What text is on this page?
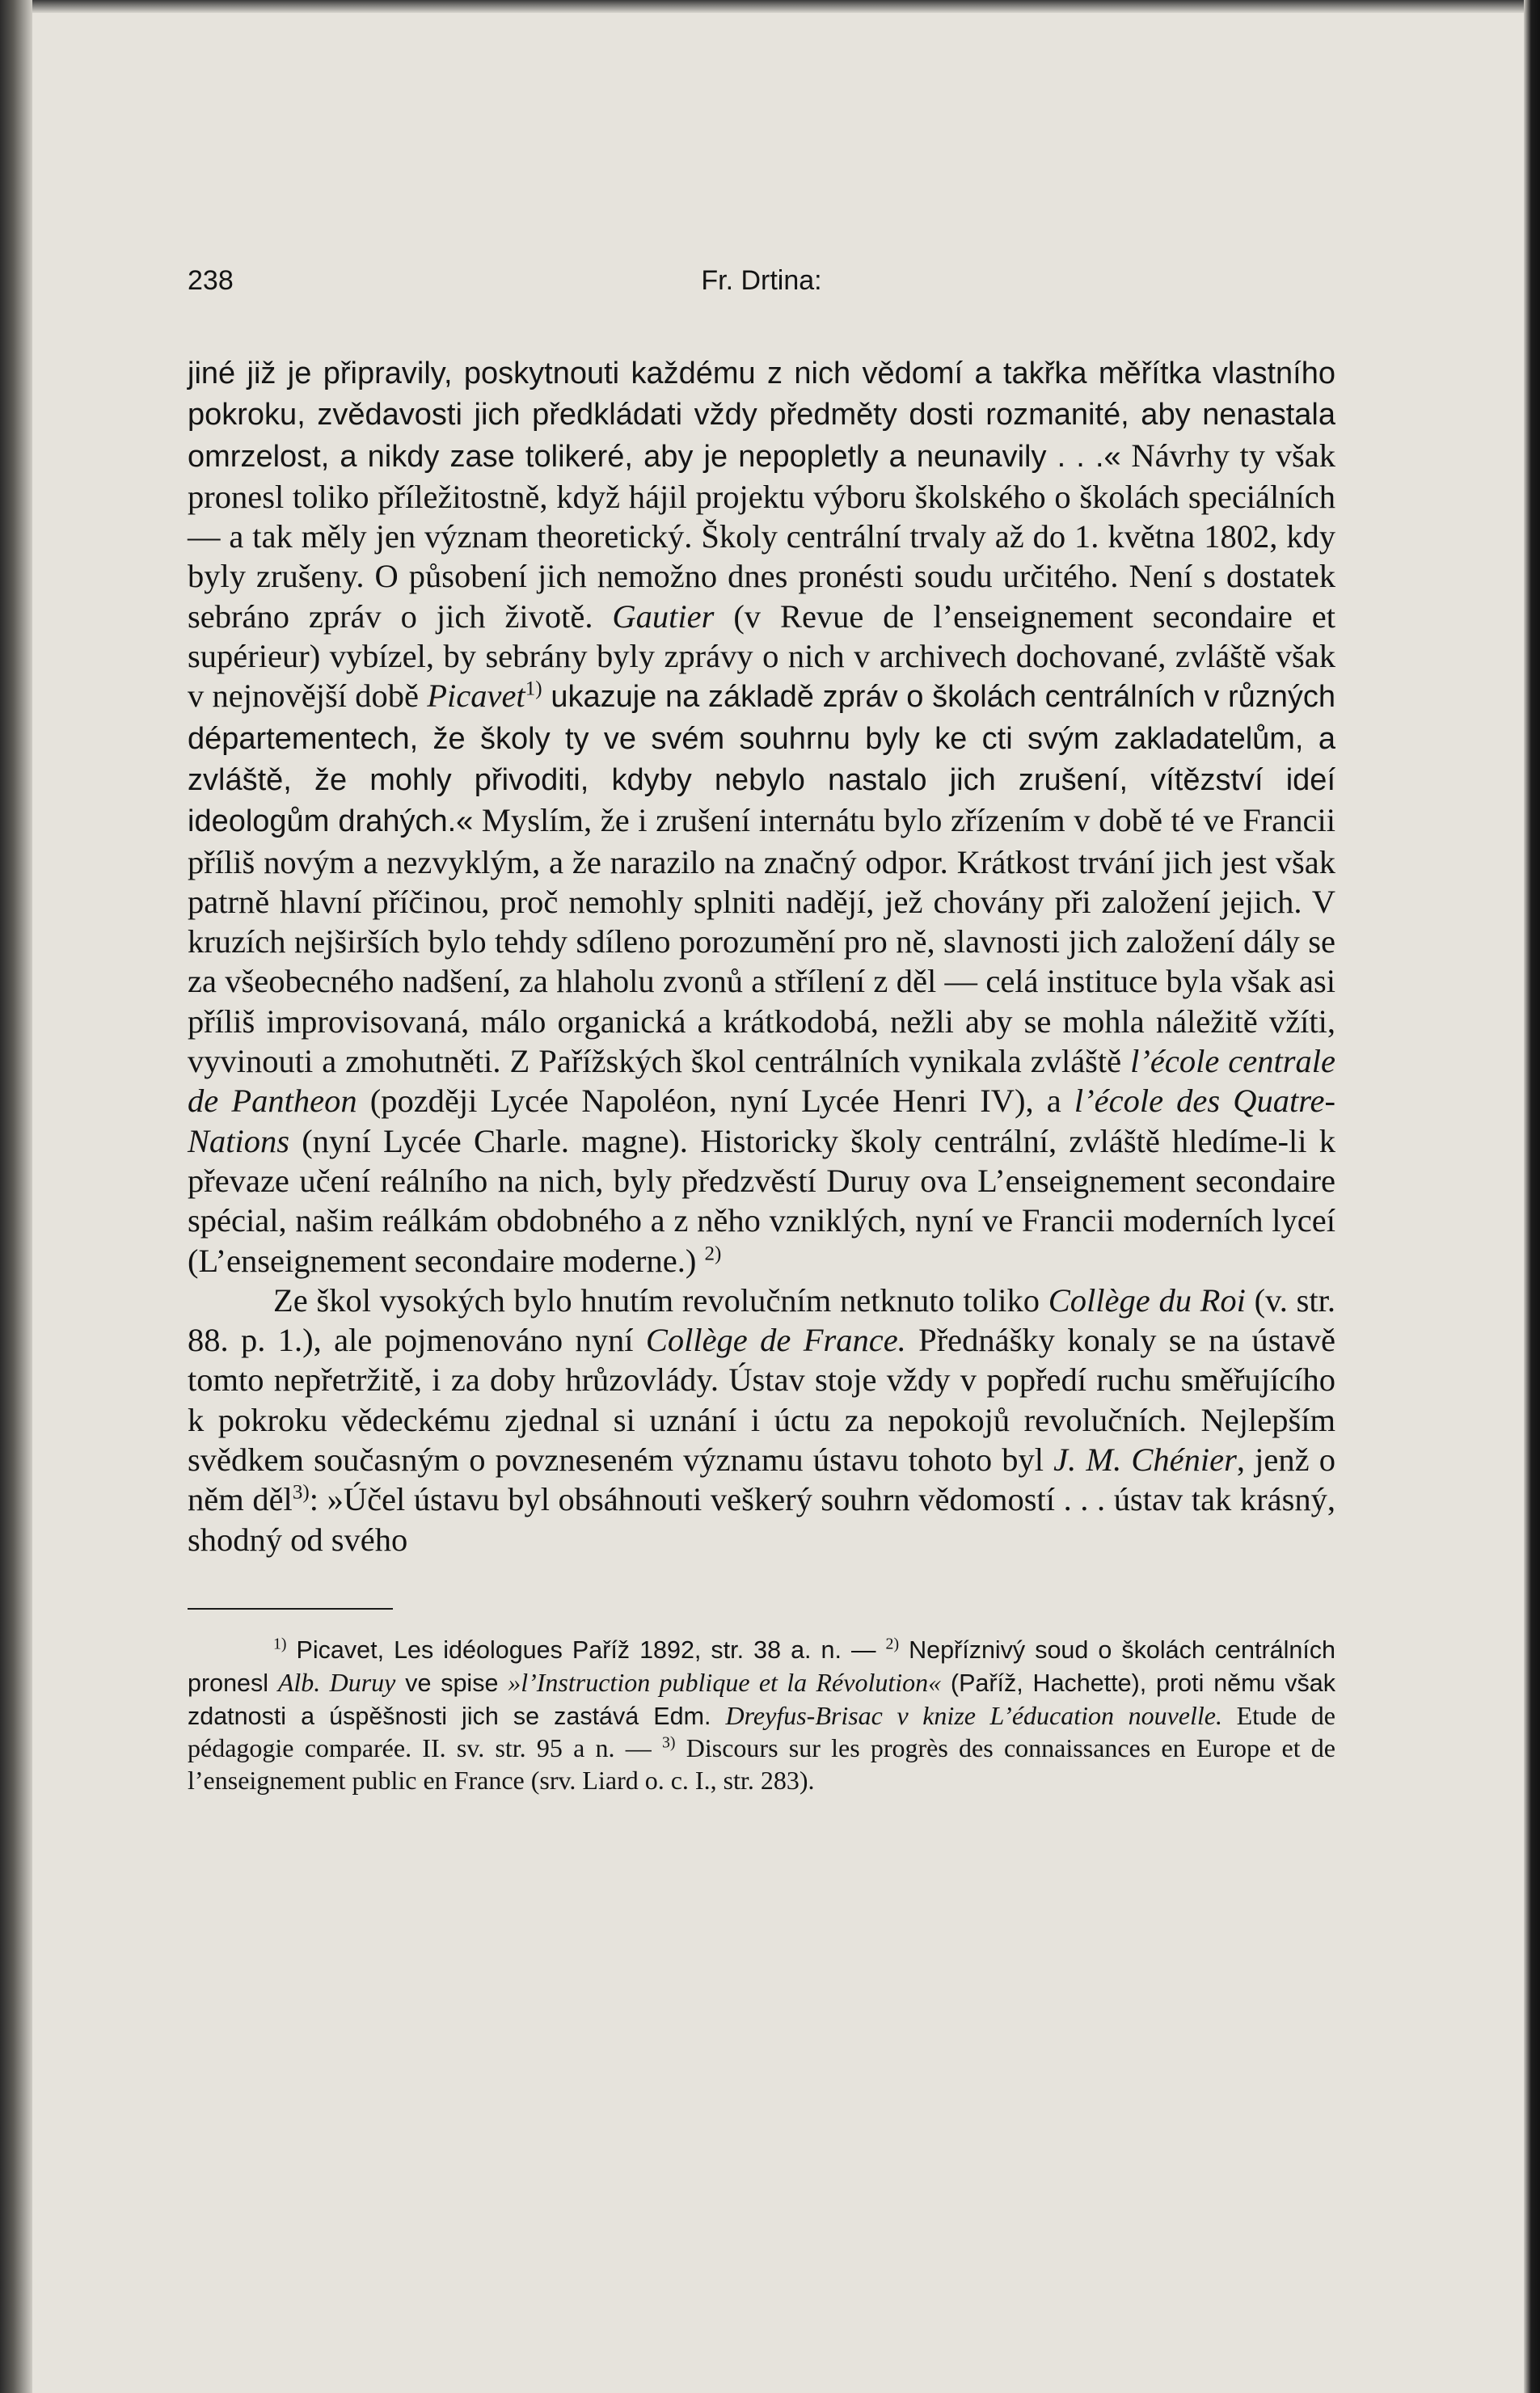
238	Fr. Drtina:

jiné již je připravily, poskytnouti každému z nich vědomí a takřka měřítka vlastního pokroku, zvědavosti jich předkládati vždy předměty dosti rozmanité, aby nenastala omrzelost, a nikdy zase tolikeré, aby je nepopletly a neunavily . . .« Návrhy ty však pronesl toliko příležitostně, když hájil projektu výboru školského o školách speciálních — a tak měly jen význam theoretický. Školy centrální trvaly až do 1. května 1802, kdy byly zrušeny. O působení jich nemožno dnes pronésti soudu určitého. Není s dostatek sebráno zpráv o jich životě. Gautier (v Revue de l’enseignement secondaire et supérieur) vybízel, by sebrány byly zprávy o nich v archivech dochované, zvláště však v nejnovější době Picavet$^{1)}$ ukazuje na základě zpráv o školách centrálních v různých départementech, že školy ty ve svém souhrnu byly ke cti svým zakladatelům, a zvláště, že mohly přivoditi, kdyby nebylo nastalo jich zrušení, vítězství ideí ideologům drahých.« Myslím, že i zrušení internátu bylo zřízením v době té ve Francii příliš novým a nezvyklým, a že narazilo na značný odpor. Krátkost trvání jich jest však patrně hlavní příčinou, proč nemohly splniti nadějí, jež chovány při založení jejich. V kruzích nejširších bylo tehdy sdíleno porozumění pro ně, slavnosti jich založení dály se za všeobecného nadšení, za hlaholu zvonů a střílení z děl — celá instituce byla však asi příliš improvisovaná, málo organická a krátkodobá, nežli aby se mohla náležitě vžíti, vyvinouti a zmohutněti. Z Pařížských škol centrálních vynikala zvláště l’école centrale de Pantheon (později Lycée Napoléon, nyní Lycée Henri IV), a l’école des Quatre-Nations (nyní Lycée Charle. magne). Historicky školy centrální, zvláště hledíme-li k převaze učení reálního na nich, byly předzvěstí Duruy ova L’enseignement secondaire spécial, našim reálkám obdobného a z něho vzniklých, nyní ve Francii moderních lyceí (L’enseignement secondaire moderne.) $^{2)}$

Ze škol vysokých bylo hnutím revolučním netknuto toliko Collège du Roi (v. str. 88. p. 1.), ale pojmenováno nyní Collège de France. Přednášky konaly se na ústavě tomto nepřetržitě, i za doby hrůzovlády. Ústav stoje vždy v popředí ruchu směřujícího k pokroku vědeckému zjednal si uznání i úctu za nepokojů revolučních. Nejlepším svědkem současným o povzneseném významu ústavu tohoto byl J. M. Chénier, jenž o něm děl$^{3)}$: »Účel ústavu byl obsáhnouti veškerý souhrn vědomostí . . . ústav tak krásný, shodný od svého

$^{1)}$ Picavet, Les idéologues Paříž 1892, str. 38 a. n. — $^{2)}$ Nepříznivý soud o školách centrálních pronesl Alb. Duruy ve spise »l’Instruction publique et la Révolution« (Paříž, Hachette), proti němu však zdatnosti a úspěšnosti jich se zastává Edm. Dreyfus-Brisac v knize L’éducation nouvelle. Etude de pédagogie comparée. II. sv. str. 95 a n. — $^{3)}$ Discours sur les progrès des connaissances en Europe et de l’enseignement public en France (srv. Liard o. c. I., str. 283).
